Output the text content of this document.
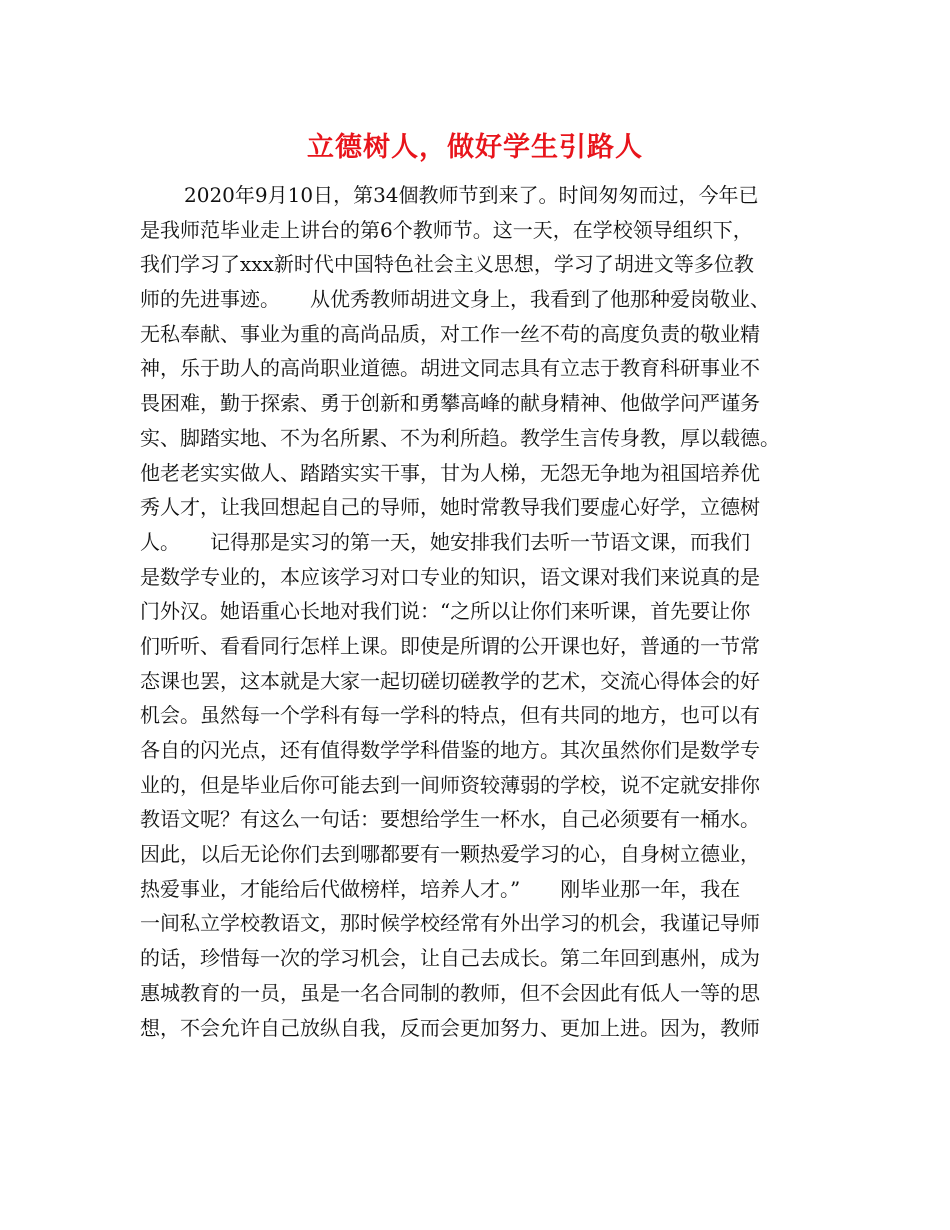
立德树人，做好学生引路人
2020年9月10日，第34個教师节到来了。时间匆匆而过，今年已
是我师范毕业走上讲台的第6个教师节。这一天，在学校领导组织下，
我们学习了xxx新时代中国特色社会主义思想，学习了胡进文等多位教
师的先进事迹。　　从优秀教师胡进文身上，我看到了他那种爱岗敬业、
无私奉献、事业为重的高尚品质，对工作一丝不苟的高度负责的敬业精
神，乐于助人的高尚职业道德。胡进文同志具有立志于教育科研事业不
畏困难，勤于探索、勇于创新和勇攀高峰的献身精神、他做学问严谨务
实、脚踏实地、不为名所累、不为利所趋。教学生言传身教，厚以载德。
他老老实实做人、踏踏实实干事，甘为人梯，无怨无争地为祖国培养优
秀人才，让我回想起自己的导师，她时常教导我们要虚心好学，立德树
人。　　记得那是实习的第一天，她安排我们去听一节语文课，而我们
是数学专业的，本应该学习对口专业的知识，语文课对我们来说真的是
门外汉。她语重心长地对我们说：“之所以让你们来听课，首先要让你
们听听、看看同行怎样上课。即使是所谓的公开课也好，普通的一节常
态课也罢，这本就是大家一起切磋切磋教学的艺术，交流心得体会的好
机会。虽然每一个学科有每一学科的特点，但有共同的地方，也可以有
各自的闪光点，还有值得数学学科借鉴的地方。其次虽然你们是数学专
业的，但是毕业后你可能去到一间师资较薄弱的学校，说不定就安排你
教语文呢？有这么一句话：要想给学生一杯水，自己必须要有一桶水。
因此，以后无论你们去到哪都要有一颗热爱学习的心，自身树立德业，
热爱事业，才能给后代做榜样，培养人才。”　　刚毕业那一年，我在
一间私立学校教语文，那时候学校经常有外出学习的机会，我谨记导师
的话，珍惜每一次的学习机会，让自己去成长。第二年回到惠州，成为
惠城教育的一员，虽是一名合同制的教师，但不会因此有低人一等的思
想，不会允许自己放纵自我，反而会更加努力、更加上进。因为，教师
